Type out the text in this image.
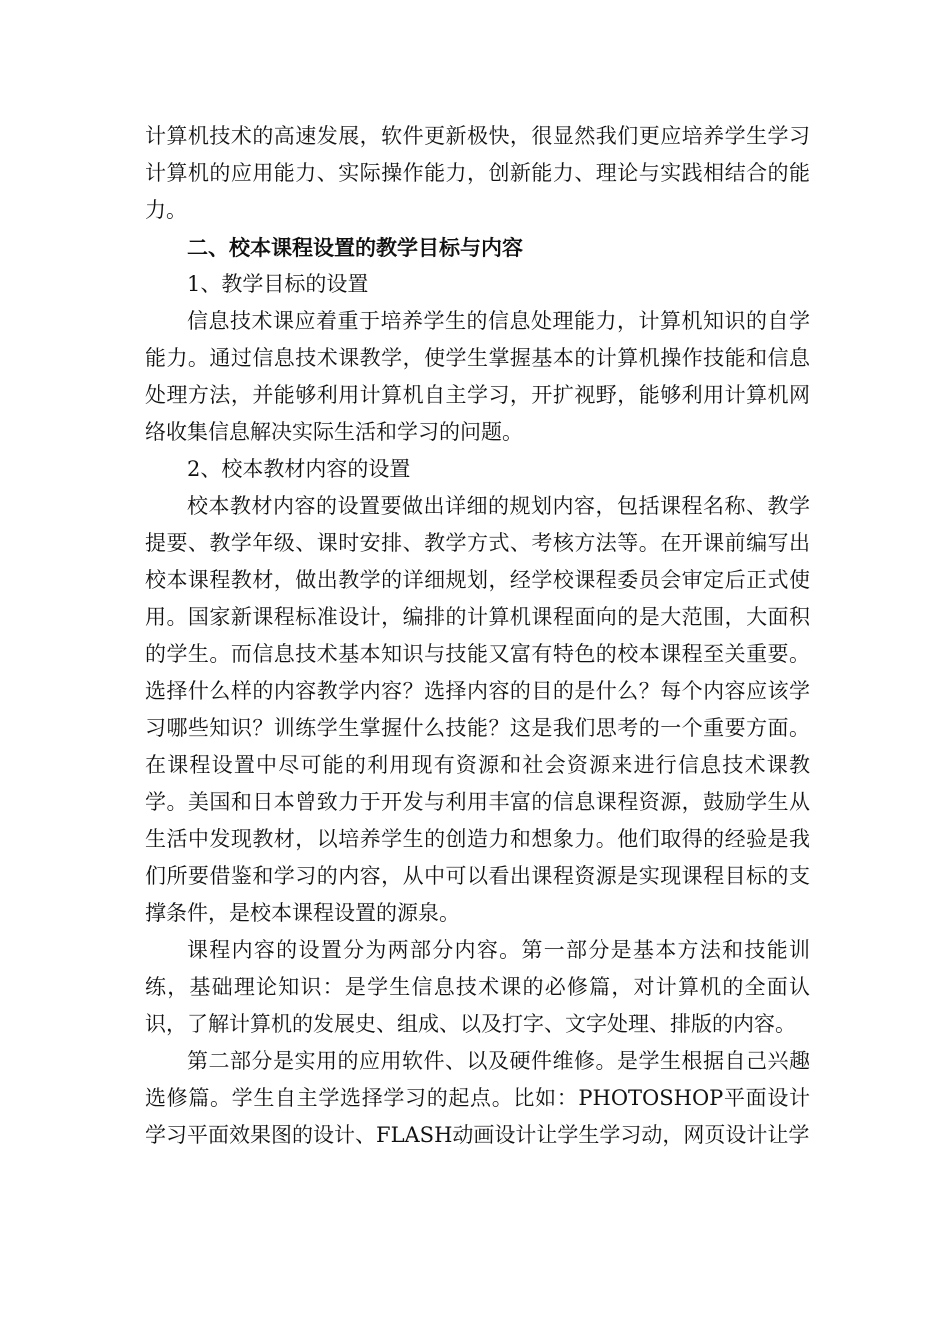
计算机技术的高速发展，软件更新极快，很显然我们更应培养学生学习计算机的应用能力、实际操作能力，创新能力、理论与实践相结合的能力。

二、校本课程设置的教学目标与内容

1、教学目标的设置

信息技术课应着重于培养学生的信息处理能力，计算机知识的自学能力。通过信息技术课教学，使学生掌握基本的计算机操作技能和信息处理方法，并能够利用计算机自主学习，开扩视野，能够利用计算机网络收集信息解决实际生活和学习的问题。

2、校本教材内容的设置

校本教材内容的设置要做出详细的规划内容，包括课程名称、教学提要、教学年级、课时安排、教学方式、考核方法等。在开课前编写出校本课程教材，做出教学的详细规划，经学校课程委员会审定后正式使用。国家新课程标准设计，编排的计算机课程面向的是大范围，大面积的学生。而信息技术基本知识与技能又富有特色的校本课程至关重要。选择什么样的内容教学内容？选择内容的目的是什么？每个内容应该学习哪些知识？训练学生掌握什么技能？这是我们思考的一个重要方面。在课程设置中尽可能的利用现有资源和社会资源来进行信息技术课教学。美国和日本曾致力于开发与利用丰富的信息课程资源，鼓励学生从生活中发现教材，以培养学生的创造力和想象力。他们取得的经验是我们所要借鉴和学习的内容，从中可以看出课程资源是实现课程目标的支撑条件，是校本课程设置的源泉。

课程内容的设置分为两部分内容。第一部分是基本方法和技能训练，基础理论知识：是学生信息技术课的必修篇，对计算机的全面认识，了解计算机的发展史、组成、以及打字、文字处理、排版的内容。

第二部分是实用的应用软件、以及硬件维修。是学生根据自己兴趣选修篇。学生自主学选择学习的起点。比如：PHOTOSHOP平面设计学习平面效果图的设计、FLASH动画设计让学生学习动，网页设计让学
